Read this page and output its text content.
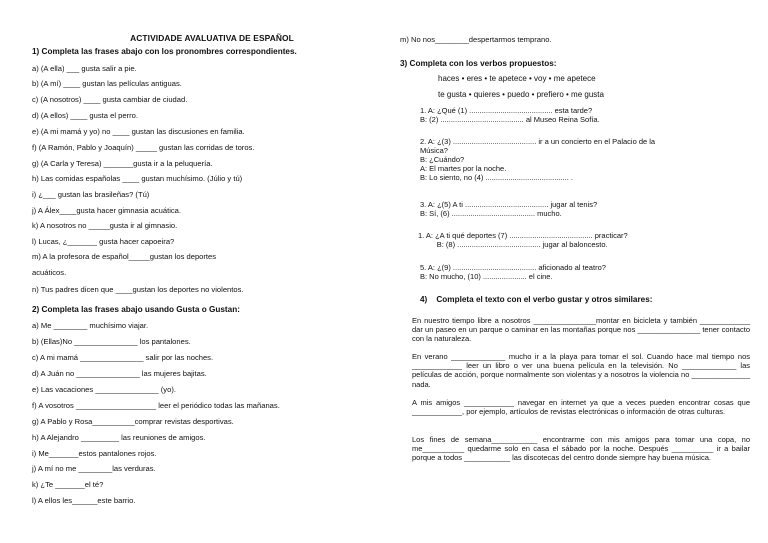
ACTIVIDADE AVALUATIVA DE ESPAÑOL
1) Completa las frases abajo con los pronombres correspondientes.
a) (A ella) ___ gusta salir a pie.
b) (A mí) ____ gustan las películas antiguas.
c) (A nosotros) ____ gusta cambiar de ciudad.
d) (A ellos) ____ gusta el perro.
e) (A mi mamá y yo) no ____ gustan las discusiones en familia.
f) (A Ramón, Pablo y Joaquín) _____ gustan las corridas de toros.
g) (A Carla y Teresa) _______gusta ir a la peluquería.
h) Las comidas españolas ____ gustan muchísimo. (Júlio y tú)
i) ¿___ gustan las brasileñas? (Tú)
j) A Álex____gusta hacer gimnasia acuática.
k) A nosotros no _____gusta ir al gimnasio.
l) Lucas, ¿_______ gusta hacer capoeira?
m) A la profesora de español_____gustan los deportes
acuáticos.
n) Tus padres dicen que ____gustan los deportes no violentos.
2) Completa las frases abajo usando Gusta o Gustan:
a) Me ________ muchísimo viajar.
b) (Ellas)No _______________ los pantalones.
c) A mi mamá _______________ salir por las noches.
d) A Juán no _______________ las mujeres bajitas.
e) Las vacaciones _______________ (yo).
f) A vosotros ___________________ leer el periódico todas las mañanas.
g) A Pablo y Rosa__________comprar revistas desportivas.
h) A Alejandro _________ las reuniones de amigos.
i) Me_______estos pantalones rojos.
j) A mí no me ________las verduras.
k) ¿Te _______el té?
l) A ellos les______este barrio.
m) No nos________despertarmos temprano.
3) Completa con los verbos propuestos:
haces • eres • te apetece • voy • me apetece
te gusta • quieres • puedo • prefiero • me gusta
1. A: ¿Qué (1) ........................................ esta tarde?
B: (2) ........................................ al Museo Reina Sofía.
2. A: ¿(3) ........................................ ir a un concierto en el Palacio de la
Música?
B: ¿Cuándo?
A: El martes por la noche.
B: Lo siento, no (4) ........................................ .
3. A: ¿(5) A ti ........................................ jugar al tenis?
B: Sí, (6) ........................................ mucho.
1. A: ¿A ti qué deportes (7) ........................................ practicar?
B: (8) ........................................ jugar al baloncesto.
5. A: ¿(9) ........................................ aficionado al teatro?
B: No mucho, (10) ..................... el cine.
4)    Completa el texto con el verbo gustar y otros similares:
En nuestro tiempo libre a nosotros _______________montar en bicicleta y también ____________ dar un paseo en un parque o caminar en las montañas porque nos _______________ tener contacto con la naturaleza.
En verano _____________ mucho ir a la playa para tomar el sol. Cuando hace mal tiempo nos ____________ leer un libro o ver una buena película en la televisión. No _____________ las películas de acción, porque normalmente son violentas y a nosotros la violencia no ______________ nada.
A mis amigos ____________ navegar en internet ya que a veces pueden encontrar cosas que ____________, por ejemplo, artículos de revistas electrónicas o información de otras culturas.
Los fines de semana___________ encontrarme con mis amigos para tomar una copa, no me__________ quedarme solo en casa el sábado por la noche. Después __________ ir a bailar porque a todos ___________ las discotecas del centro donde siempre hay buena música.
